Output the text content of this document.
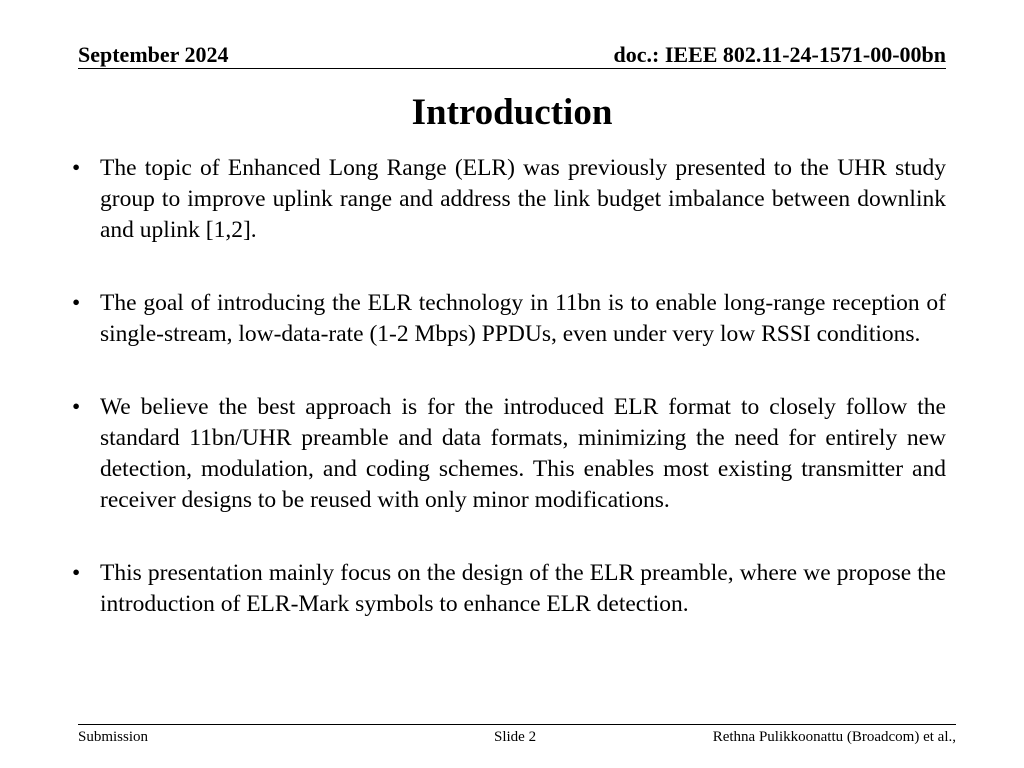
September 2024	doc.: IEEE 802.11-24-1571-00-00bn
Introduction
• The topic of Enhanced Long Range (ELR) was previously presented to the UHR study group to improve uplink range and address the link budget imbalance between downlink and uplink [1,2].
• The goal of introducing the ELR technology in 11bn is to enable long-range reception of single-stream, low-data-rate (1-2 Mbps) PPDUs, even under very low RSSI conditions.
• We believe the best approach is for the introduced ELR format to closely follow the standard 11bn/UHR preamble and data formats, minimizing the need for entirely new detection, modulation, and coding schemes. This enables most existing transmitter and receiver designs to be reused with only minor modifications.
• This presentation mainly focus on the design of the ELR preamble, where we propose the introduction of ELR-Mark symbols to enhance ELR detection.
Submission	Slide 2	Rethna Pulikkoonattu (Broadcom) et al.,
